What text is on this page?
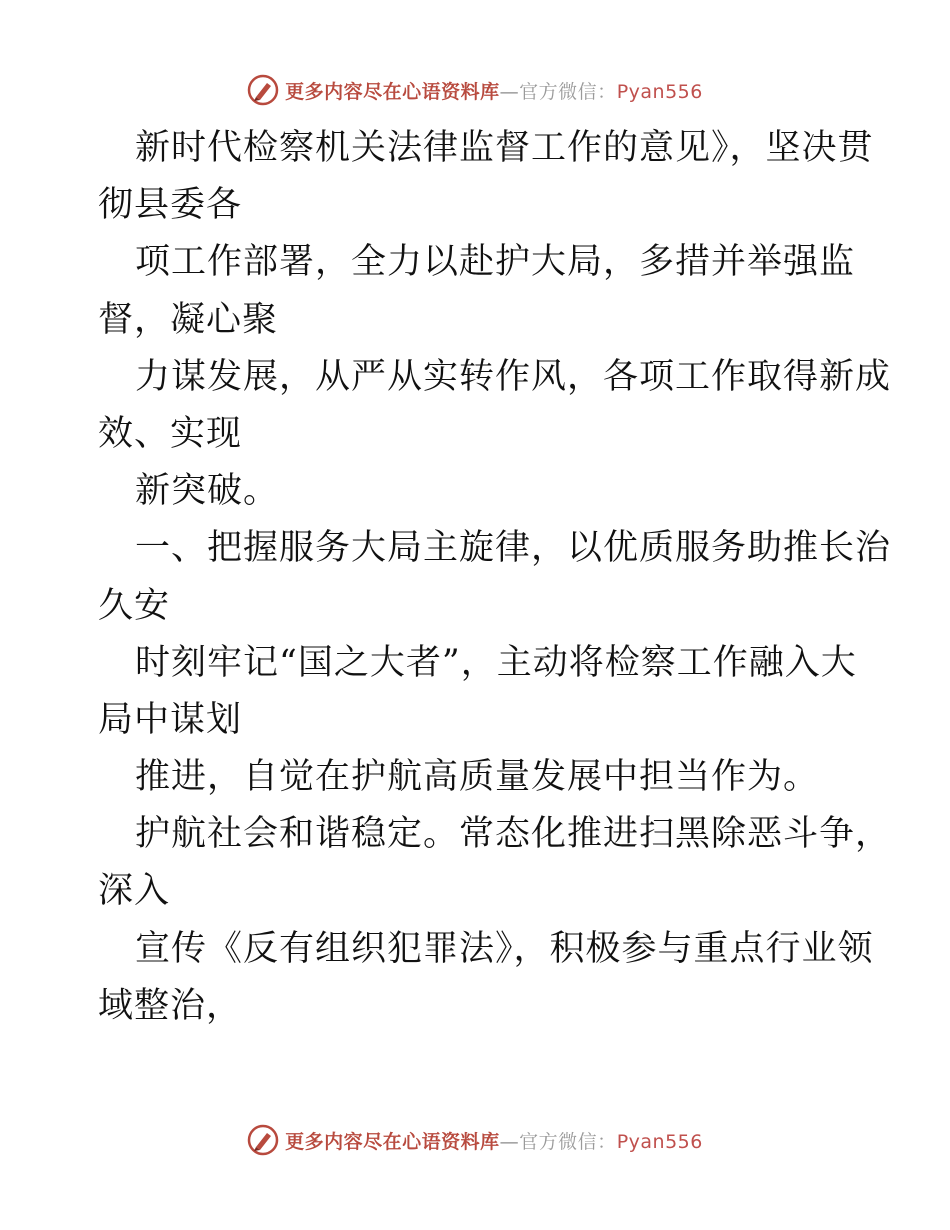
更多内容尽在心语资料库—官方微信：Pyan556
新时代检察机关法律监督工作的意见》，坚决贯
彻县委各
项工作部署，全力以赴护大局，多措并举强监
督，凝心聚
力谋发展，从严从实转作风，各项工作取得新成
效、实现
新突破。
一、把握服务大局主旋律，以优质服务助推长治
久安
时刻牢记“国之大者”，主动将检察工作融入大
局中谋划
推进，自觉在护航高质量发展中担当作为。
护航社会和谐稳定。常态化推进扫黑除恶斗争，
深入
宣传《反有组织犯罪法》，积极参与重点行业领
域整治，
更多内容尽在心语资料库—官方微信：Pyan556
